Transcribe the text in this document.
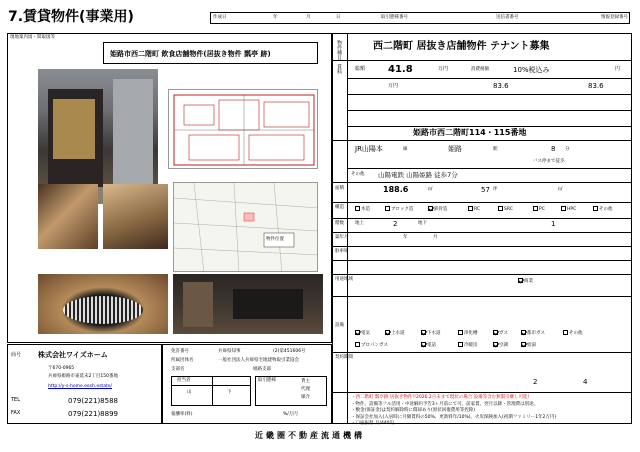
7.賃貸物件(事業用)	作成日	年	月	日	取引態様番号	送信書番号	情報登録番号
現地案内図・間取図等
姫路市西二階町 飲食店舗物件(居抜き物件 瓢亭 跡)
物件位置
商号 株式会社ワイズホーム
〒670-0965
兵庫県姫路市東延末2丁目150番地
http://y-s-home.eesh.estate/
TEL	079(221)8588
FAX	079(221)8899
免許番号	兵庫県知事	(2)第451606号
所属団体名	一般社団法人兵庫県宅地建物取引業協会
支部名	姫路支部
担当者
山	下
取引態様	貸主
代理
媒介
報酬率(料)	%/万円
物件種目	西二階町 居抜き店舗物件 テナント募集
賃料	総額 41.8	万円	消費税額	10%税込み	円
万円	83.6	83.6
姫路市西二階町114・115番地
JR山陽本	線	姫路	駅	8 分
バス停まで徒歩
その他 山陽電鉄 山陽姫路 徒歩7分
面積	188.6	㎡	57 坪	㎡
構造	木造	ブロック造	鉄骨造	RC	SRC	PC	HPC	その他
階数 地上	2	地下	1
築年月	年	月
駐車場
用途地域	商業
設備
電気	上水道	下水道	浄化槽	ガス	都市ガス	その他
プロパンガス	電話	冷暖房	空調	給湯
契約期間
2	4
・西二階町 瓢亭跡 居抜き物件!!2026.2月末まで現状の場合 設備等含む無償引継し可能!
・物件、設備等フル活用・中途解約予告3ヶ月前にて可。前家賃、翌月以降・管理費は別途。
・敷金(保証金)は契約解除時に償却あり(原状回復費用等控除)
・保証会社加入(入居時に月額賃料の50%、更新料年/10%)、火災保険加入(初期ファミリー1年2万円)
・口座振替 月/440円
近畿圏不動産流通機構
